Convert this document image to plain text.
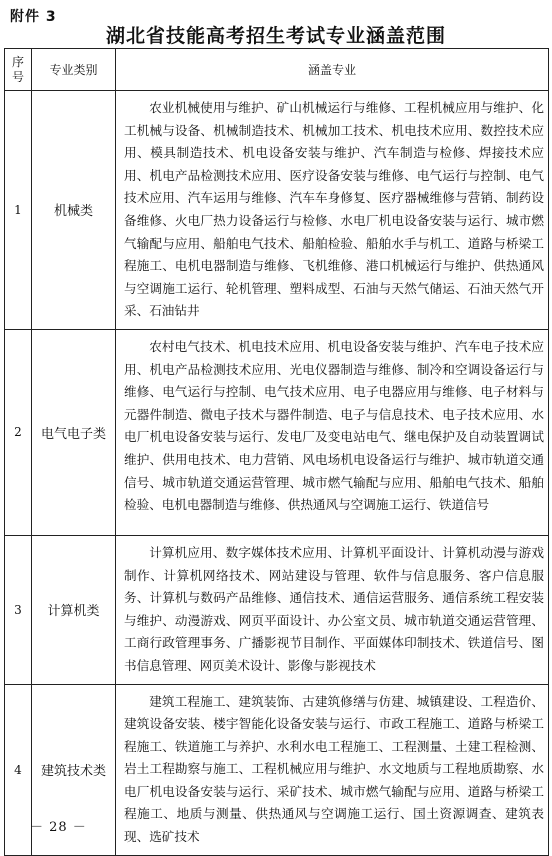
附件 3
湖北省技能高考招生考试专业涵盖范围
序
号	专业类别	涵盖专业
1	机械类	农业机械使用与维护、矿山机械运行与维修、工程机械应用与维护、化工机械与设备、机械制造技术、机械加工技术、机电技术应用、数控技术应用、模具制造技术、机电设备安装与维护、汽车制造与检修、焊接技术应用、机电产品检测技术应用、医疗设备安装与维修、电气运行与控制、电气技术应用、汽车运用与维修、汽车车身修复、医疗器械维修与营销、制药设备维修、火电厂热力设备运行与检修、水电厂机电设备安装与运行、城市燃气输配与应用、船舶电气技术、船舶检验、船舶水手与机工、道路与桥梁工程施工、电机电器制造与维修、飞机维修、港口机械运行与维护、供热通风与空调施工运行、轮机管理、塑料成型、石油与天然气储运、石油天然气开采、石油钻井
2	电气电子类	农村电气技术、机电技术应用、机电设备安装与维护、汽车电子技术应用、机电产品检测技术应用、光电仪器制造与维修、制冷和空调设备运行与维修、电气运行与控制、电气技术应用、电子电器应用与维修、电子材料与元器件制造、微电子技术与器件制造、电子与信息技术、电子技术应用、水电厂机电设备安装与运行、发电厂及变电站电气、继电保护及自动装置调试维护、供用电技术、电力营销、风电场机电设备运行与维护、城市轨道交通信号、城市轨道交通运营管理、城市燃气输配与应用、船舶电气技术、船舶检验、电机电器制造与维修、供热通风与空调施工运行、铁道信号
3	计算机类	计算机应用、数字媒体技术应用、计算机平面设计、计算机动漫与游戏制作、计算机网络技术、网站建设与管理、软件与信息服务、客户信息服务、计算机与数码产品维修、通信技术、通信运营服务、通信系统工程安装与维护、动漫游戏、网页平面设计、办公室文员、城市轨道交通运营管理、工商行政管理事务、广播影视节目制作、平面媒体印制技术、铁道信号、图书信息管理、网页美术设计、影像与影视技术
4	建筑技术类	建筑工程施工、建筑装饰、古建筑修缮与仿建、城镇建设、工程造价、建筑设备安装、楼宇智能化设备安装与运行、市政工程施工、道路与桥梁工程施工、铁道施工与养护、水利水电工程施工、工程测量、土建工程检测、岩土工程勘察与施工、工程机械应用与维护、水文地质与工程地质勘察、水电厂机电设备安装与运行、采矿技术、城市燃气输配与应用、道路与桥梁工程施工、地质与测量、供热通风与空调施工运行、国土资源调查、建筑表现、选矿技术
－ 28 －
